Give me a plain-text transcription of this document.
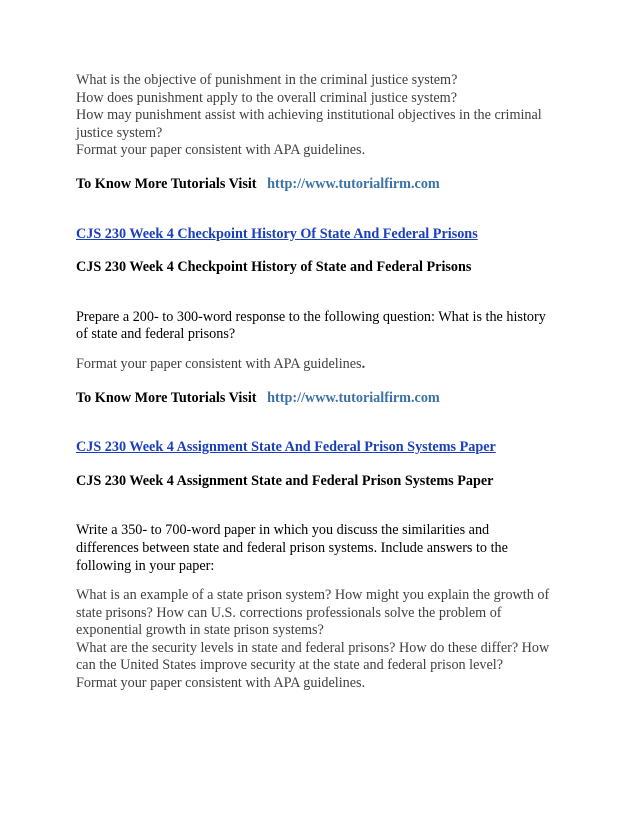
What is the objective of punishment in the criminal justice system?
How does punishment apply to the overall criminal justice system?
How may punishment assist with achieving institutional objectives in the criminal
justice system?
Format your paper consistent with APA guidelines.
To Know More Tutorials Visit http://www.tutorialfirm.com
CJS 230 Week 4 Checkpoint History Of State And Federal Prisons
CJS 230 Week 4 Checkpoint History of State and Federal Prisons
Prepare a 200- to 300-word response to the following question: What is the history
of state and federal prisons?
Format your paper consistent with APA guidelines.
To Know More Tutorials Visit http://www.tutorialfirm.com
CJS 230 Week 4 Assignment State And Federal Prison Systems Paper
CJS 230 Week 4 Assignment State and Federal Prison Systems Paper
Write a 350- to 700-word paper in which you discuss the similarities and
differences between state and federal prison systems. Include answers to the
following in your paper:
What is an example of a state prison system? How might you explain the growth of
state prisons? How can U.S. corrections professionals solve the problem of
exponential growth in state prison systems?
What are the security levels in state and federal prisons? How do these differ? How
can the United States improve security at the state and federal prison level?
Format your paper consistent with APA guidelines.
